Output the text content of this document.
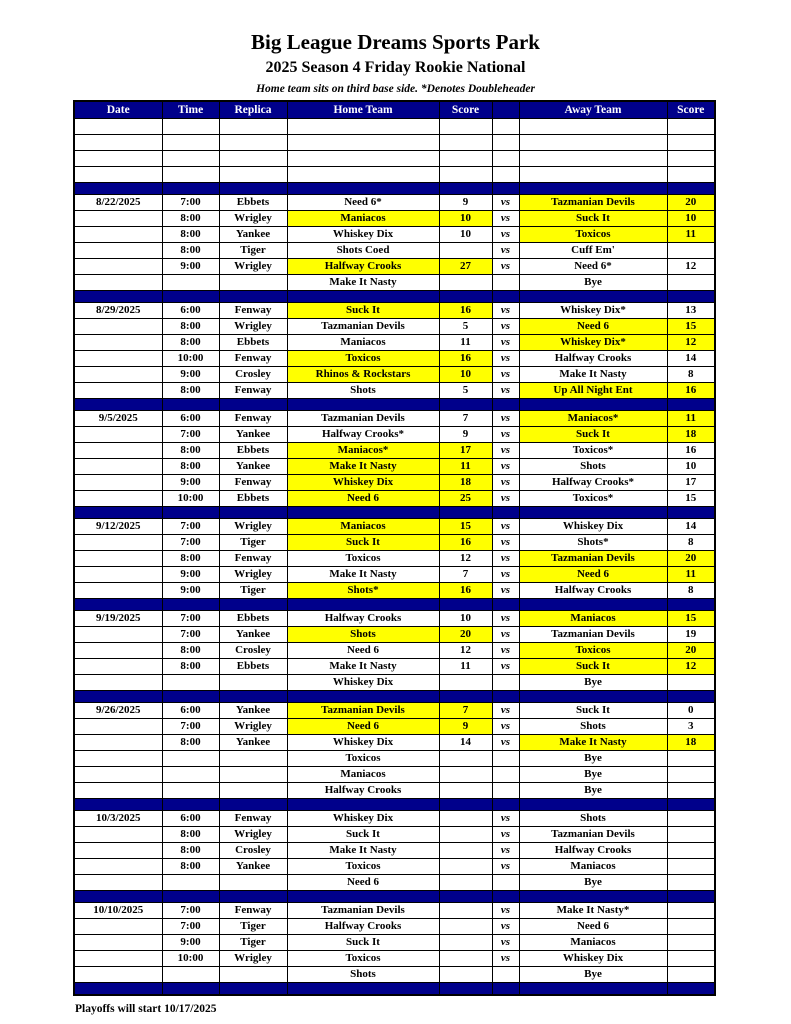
Big League Dreams Sports Park
2025 Season 4 Friday Rookie National
Home team sits on third base side. *Denotes Doubleheader
Date	Time	Replica	Home Team	Score		Away Team	Score

8/22/2025	7:00	Ebbets	Need 6*	9	vs	Tazmanian Devils	20
	8:00	Wrigley	Maniacos	10	vs	Suck It	10
	8:00	Yankee	Whiskey Dix	10	vs	Toxicos	11
	8:00	Tiger	Shots Coed		vs	Cuff Em'	
	9:00	Wrigley	Halfway Crooks	27	vs	Need 6*	12
			Make It Nasty			Bye	

8/29/2025	6:00	Fenway	Suck It	16	vs	Whiskey Dix*	13
	8:00	Wrigley	Tazmanian Devils	5	vs	Need 6	15
	8:00	Ebbets	Maniacos	11	vs	Whiskey Dix*	12
	10:00	Fenway	Toxicos	16	vs	Halfway Crooks	14
	9:00	Crosley	Rhinos & Rockstars	10	vs	Make It Nasty	8
	8:00	Fenway	Shots	5	vs	Up All Night Ent	16

9/5/2025	6:00	Fenway	Tazmanian Devils	7	vs	Maniacos*	11
	7:00	Yankee	Halfway Crooks*	9	vs	Suck It	18
	8:00	Ebbets	Maniacos*	17	vs	Toxicos*	16
	8:00	Yankee	Make It Nasty	11	vs	Shots	10
	9:00	Fenway	Whiskey Dix	18	vs	Halfway Crooks*	17
	10:00	Ebbets	Need 6	25	vs	Toxicos*	15

9/12/2025	7:00	Wrigley	Maniacos	15	vs	Whiskey Dix	14
	7:00	Tiger	Suck It	16	vs	Shots*	8
	8:00	Fenway	Toxicos	12	vs	Tazmanian Devils	20
	9:00	Wrigley	Make It Nasty	7	vs	Need 6	11
	9:00	Tiger	Shots*	16	vs	Halfway Crooks	8

9/19/2025	7:00	Ebbets	Halfway Crooks	10	vs	Maniacos	15
	7:00	Yankee	Shots	20	vs	Tazmanian Devils	19
	8:00	Crosley	Need 6	12	vs	Toxicos	20
	8:00	Ebbets	Make It Nasty	11	vs	Suck It	12
			Whiskey Dix			Bye	

9/26/2025	6:00	Yankee	Tazmanian Devils	7	vs	Suck It	0
	7:00	Wrigley	Need 6	9	vs	Shots	3
	8:00	Yankee	Whiskey Dix	14	vs	Make It Nasty	18
			Toxicos			Bye	
			Maniacos			Bye	
			Halfway Crooks			Bye	

10/3/2025	6:00	Fenway	Whiskey Dix		vs	Shots	
	8:00	Wrigley	Suck It		vs	Tazmanian Devils	
	8:00	Crosley	Make It Nasty		vs	Halfway Crooks	
	8:00	Yankee	Toxicos		vs	Maniacos	
			Need 6			Bye	

10/10/2025	7:00	Fenway	Tazmanian Devils		vs	Make It Nasty*	
	7:00	Tiger	Halfway Crooks		vs	Need 6	
	9:00	Tiger	Suck It		vs	Maniacos	
	10:00	Wrigley	Toxicos		vs	Whiskey Dix	
			Shots			Bye	

Playoffs will start 10/17/2025
